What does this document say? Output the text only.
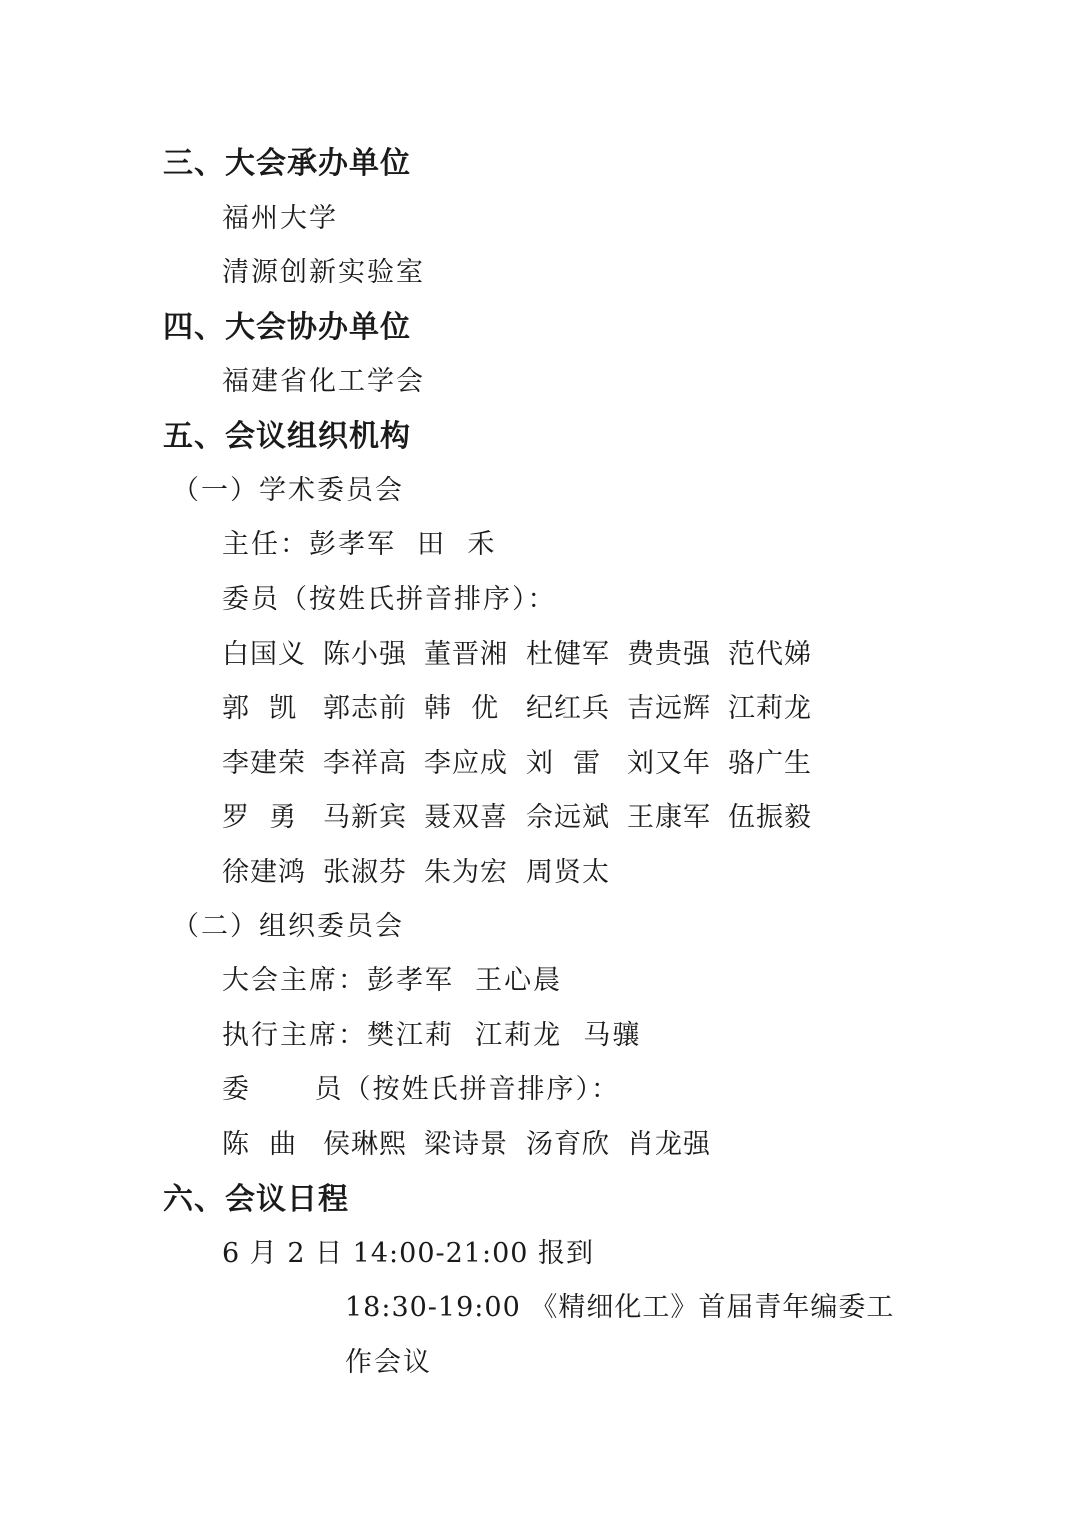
三、大会承办单位
福州大学
清源创新实验室
四、大会协办单位
福建省化工学会
五、会议组织机构
（一）学术委员会
主任：彭孝军  田  禾
委员（按姓氏拼音排序）：
白国义 陈小强 董晋湘 杜健军 费贵强 范代娣
郭  凯 郭志前 韩  优 纪红兵 吉远辉 江莉龙
李建荣 李祥高 李应成 刘  雷 刘又年 骆广生
罗  勇 马新宾 聂双喜 佘远斌 王康军 伍振毅
徐建鸿 张淑芬 朱为宏 周贤太
（二）组织委员会
大会主席：彭孝军  王心晨
执行主席：樊江莉  江莉龙  马骧
委      员（按姓氏拼音排序）：
陈  曲 侯琳熙 梁诗景 汤育欣 肖龙强
六、会议日程
6 月 2 日 14:00-21:00 报到
18:30-19:00 《精细化工》首届青年编委工
作会议
